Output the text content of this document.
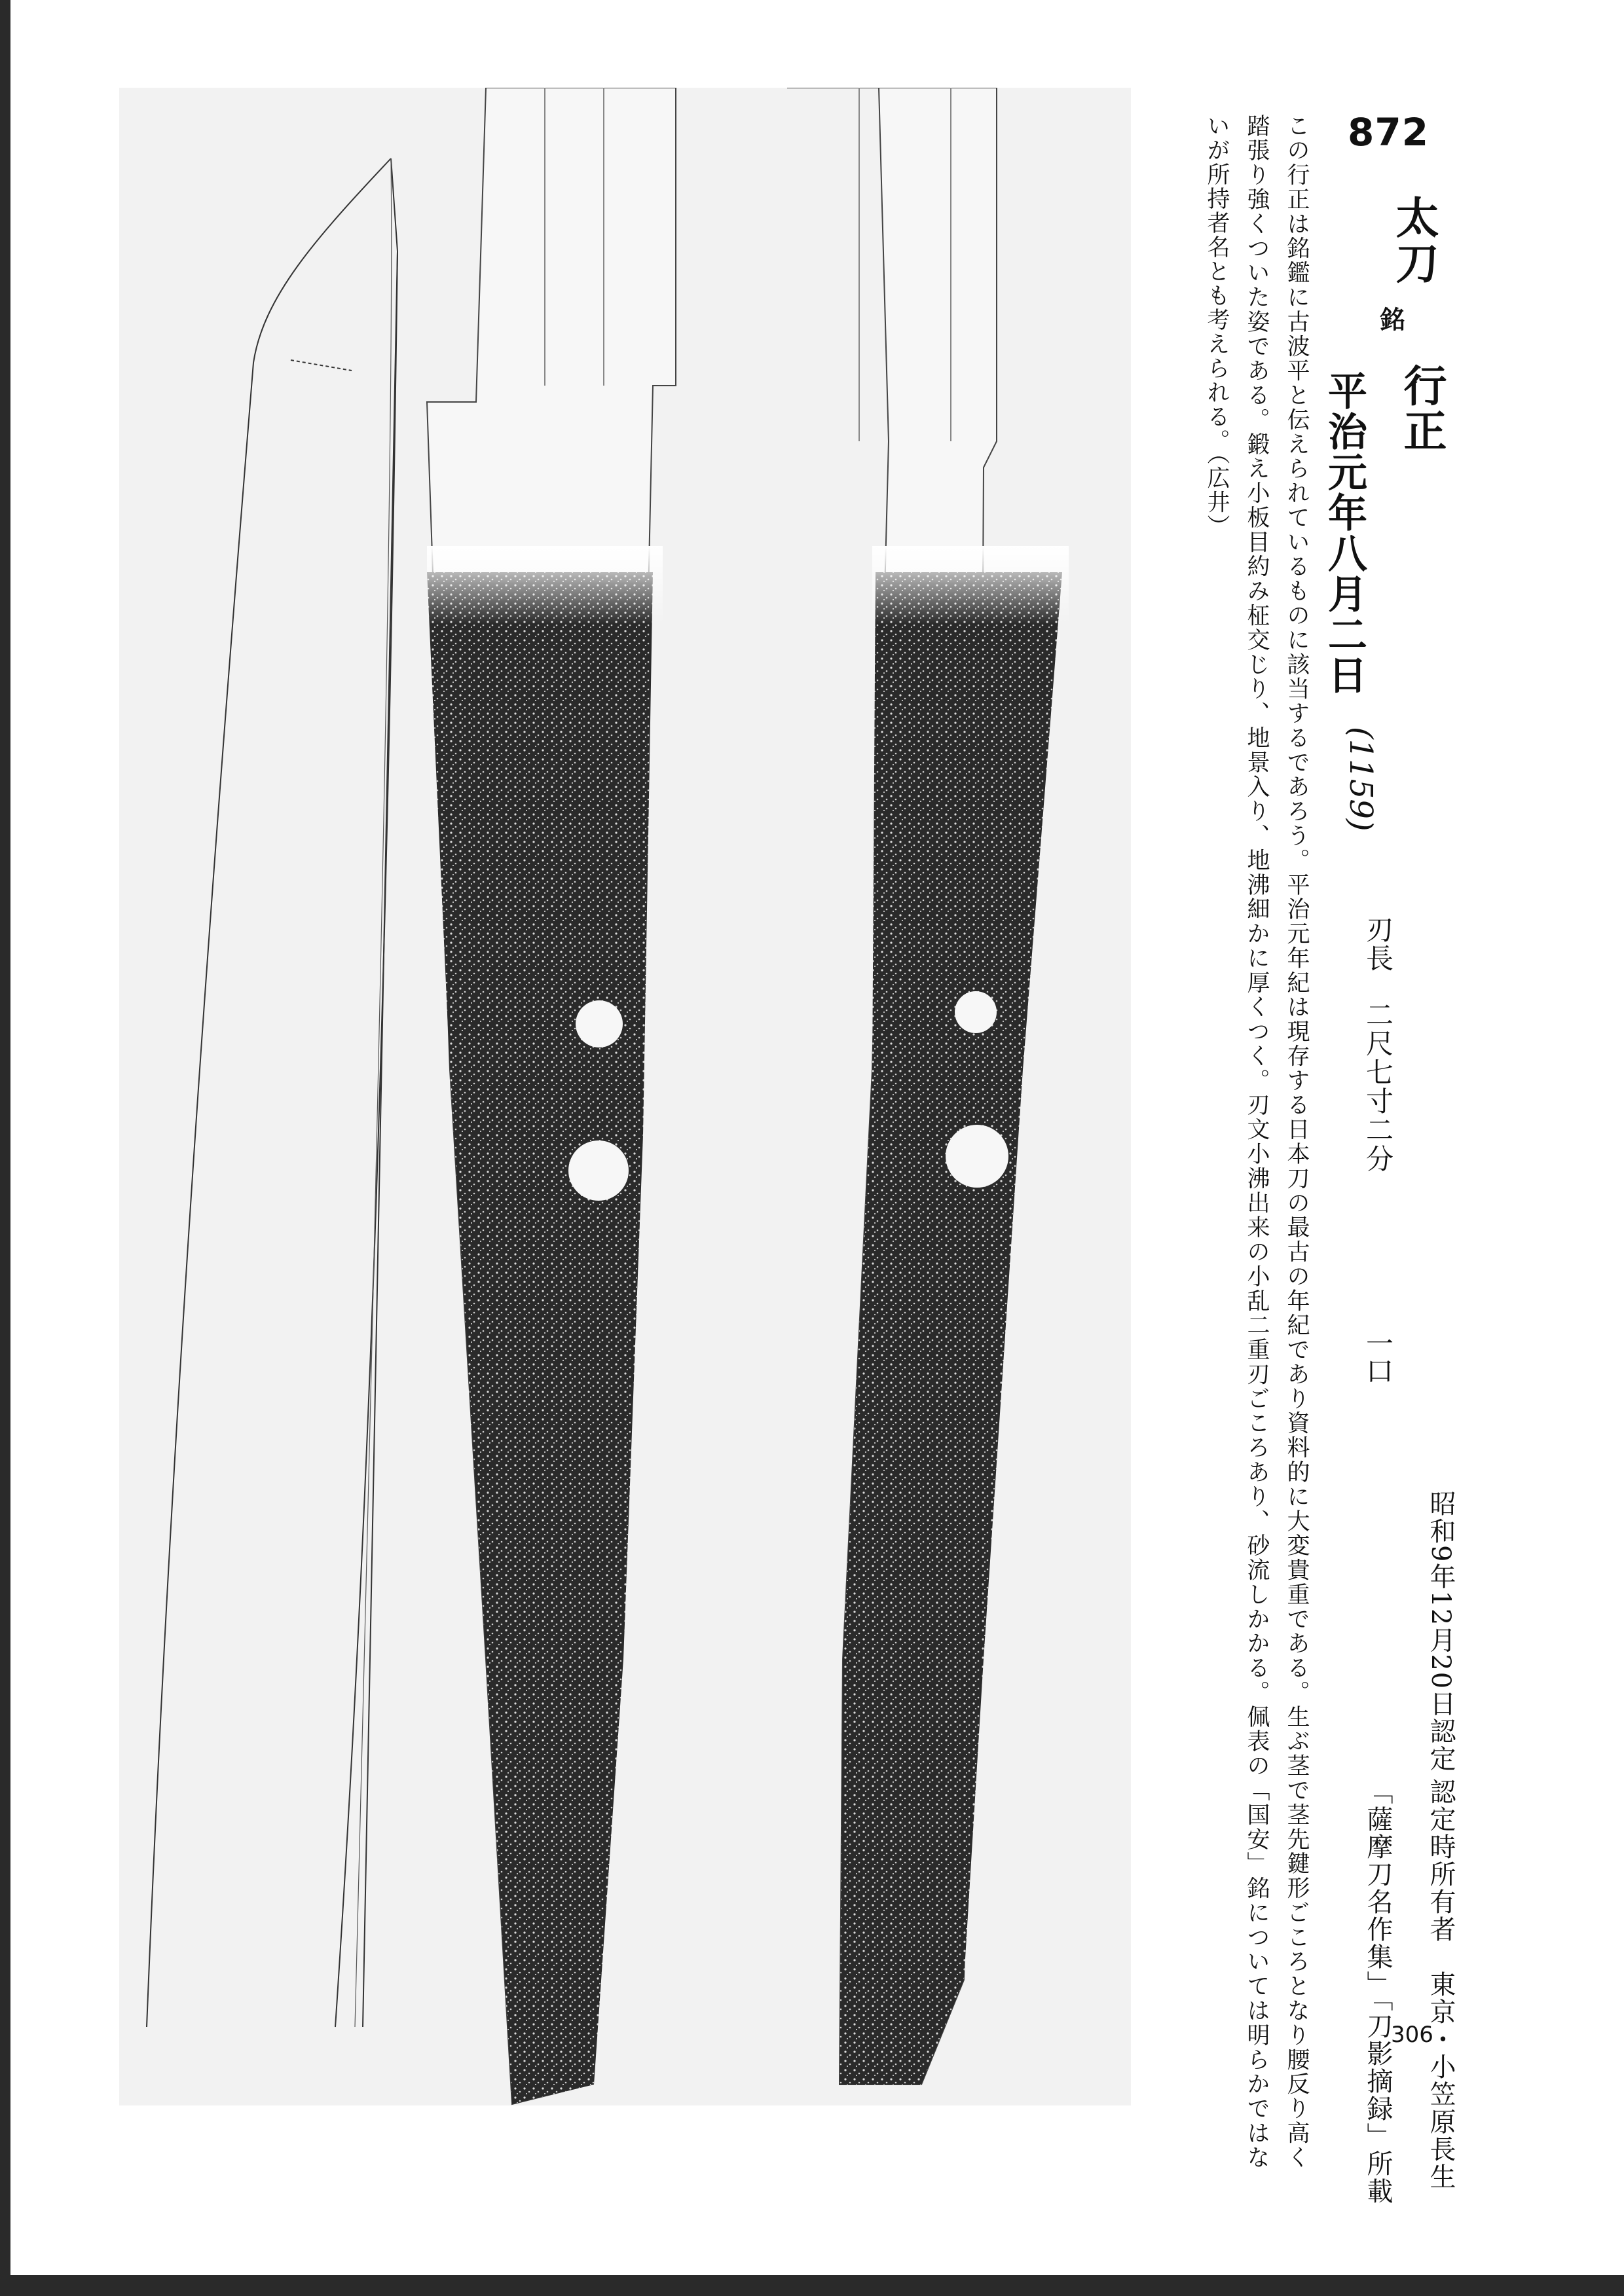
872
太刀
銘
行正
平治元年八月二日
(1159)
刃長
二尺七寸二分
一口
昭和9年12月20日認定
認定時所有者　東京・小笠原長生
「薩摩刀名作集」「刀影摘録」所載
この行正は銘鑑に古波平と伝えられているものに該当するであろう。平治元年紀は現存する日本刀の最古の年紀であり資料的に大変貴重である。生ぶ茎で茎先鍵形ごころとなり腰反り高く踏張り強くついた姿である。鍛え小板目約み柾交じり、地景入り、地沸細かに厚くつく。刃文小沸出来の小乱二重刃ごころあり、砂流しかかる。佩表の「国安」銘については明らかではないが所持者名とも考えられる。（広井）
306
